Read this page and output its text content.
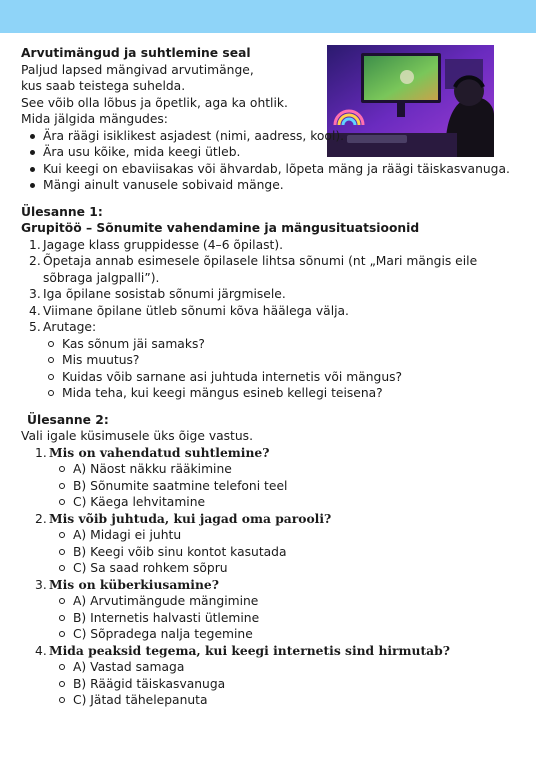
Arvutimängud ja suhtlemine seal

Paljud lapsed mängivad arvutimänge,

kus saab teistega suhelda.

See võib olla lõbus ja õpetlik, aga ka ohtlik.

Mida jälgida mängudes:

Ära räägi isiklikest asjadest (nimi, aadress, kool).
Ära usu kõike, mida keegi ütleb.
Kui keegi on ebaviisakas või ähvardab, lõpeta mäng ja räägi täiskasvanuga.
Mängi ainult vanusele sobivaid mänge.

Ülesanne 1:

Grupitöö – Sõnumite vahendamine ja mängusituatsioonid

1. Jagage klass gruppidesse (4–6 õpilast).
2. Õpetaja annab esimesele õpilasele lihtsa sõnumi (nt „Mari mängis eile sõbraga jalgpalli”).
3. Iga õpilane sosistab sõnumi järgmisele.
4. Viimane õpilane ütleb sõnumi kõva häälega välja.
5. Arutage:
Kas sõnum jäi samaks?
Mis muutus?
Kuidas võib sarnane asi juhtuda internetis või mängus?
Mida teha, kui keegi mängus esineb kellegi teisena?

Ülesanne 2:

Vali igale küsimusele üks õige vastus.

1. Mis on vahendatud suhtlemine?
A) Näost näkku rääkimine
B) Sõnumite saatmine telefoni teel
C) Käega lehvitamine
2. Mis võib juhtuda, kui jagad oma parooli?
A) Midagi ei juhtu
B) Keegi võib sinu kontot kasutada
C) Sa saad rohkem sõpru
3. Mis on küberkiusamine?
A) Arvutimängude mängimine
B) Internetis halvasti ütlemine
C) Sõpradega nalja tegemine
4. Mida peaksid tegema, kui keegi internetis sind hirmutab?
A) Vastad samaga
B) Räägid täiskasvanuga
C) Jätad tähelepanuta
